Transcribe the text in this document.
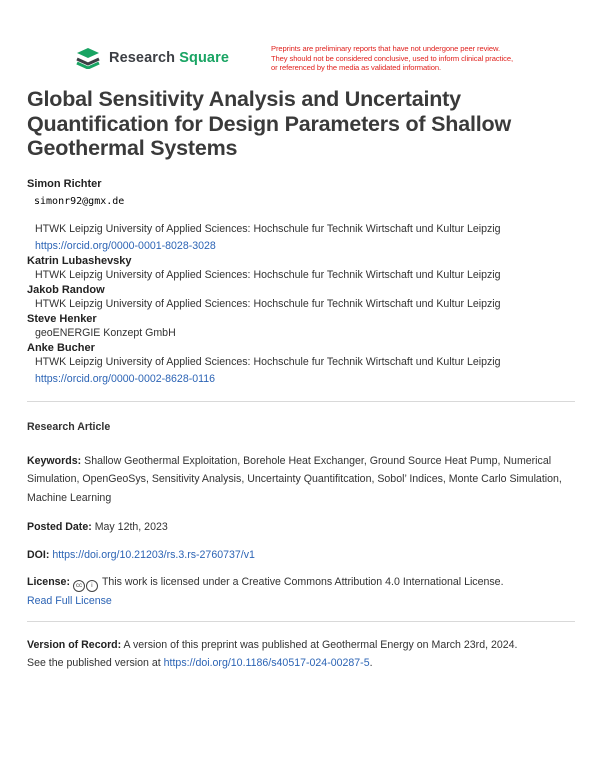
Research Square
Preprints are preliminary reports that have not undergone peer review.
They should not be considered conclusive, used to inform clinical practice,
or referenced by the media as validated information.
Global Sensitivity Analysis and Uncertainty Quantification for Design Parameters of Shallow Geothermal Systems
Simon Richter
simonr92@gmx.de
HTWK Leipzig University of Applied Sciences: Hochschule fur Technik Wirtschaft und Kultur Leipzig
https://orcid.org/0000-0001-8028-3028
Katrin Lubashevsky
HTWK Leipzig University of Applied Sciences: Hochschule fur Technik Wirtschaft und Kultur Leipzig
Jakob Randow
HTWK Leipzig University of Applied Sciences: Hochschule fur Technik Wirtschaft und Kultur Leipzig
Steve Henker
geoENERGIE Konzept GmbH
Anke Bucher
HTWK Leipzig University of Applied Sciences: Hochschule fur Technik Wirtschaft und Kultur Leipzig
https://orcid.org/0000-0002-8628-0116
Research Article

Keywords: Shallow Geothermal Exploitation, Borehole Heat Exchanger, Ground Source Heat Pump, Numerical Simulation, OpenGeoSys, Sensitivity Analysis, Uncertainty Quantifitcation, Sobol’ Indices, Monte Carlo Simulation, Machine Learning

Posted Date: May 12th, 2023

DOI: https://doi.org/10.21203/rs.3.rs-2760737/v1

License: cc	i This work is licensed under a Creative Commons Attribution 4.0 International License.
Read Full License

Version of Record: A version of this preprint was published at Geothermal Energy on March 23rd, 2024.
See the published version at https://doi.org/10.1186/s40517-024-00287-5.
